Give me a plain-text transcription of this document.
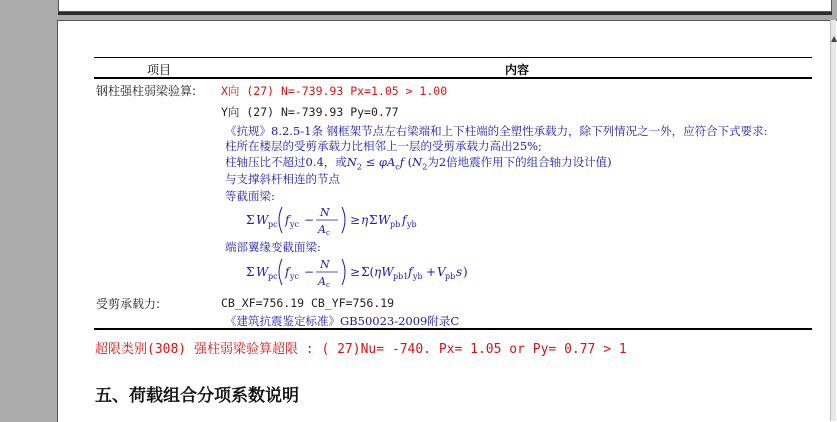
▲
项目	内容
钢柱强柱弱梁验算: X向 (27) N=-739.93 Px=1.05 > 1.00
Y向 (27) N=-739.93 Py=0.77
《抗规》8.2.5-1条 钢框架节点左右梁端和上下柱端的全塑性承载力，除下列情况之一外，应符合下式要求:
柱所在楼层的受剪承载力比相邻上一层的受剪承载力高出25%;
柱轴压比不超过0.4，或$N_2 \le \varphi A_cf$ ($N_2$为2倍地震作用下的组合轴力设计值)
与支撑斜杆相连的节点
等截面梁:
Σ W pc f yc −
N
A c
≥ η Σ W pb f yb
端部翼缘变截面梁:
Σ W pc f yc −
N
A c
≥ Σ( ηW pb1 f yb + V pb s )
受剪承载力:	CB_XF=756.19 CB_YF=756.19
《建筑抗震鉴定标准》GB50023-2009附录C
超限类别(308) 强柱弱梁验算超限 : ( 27)Nu= -740. Px= 1.05 or Py= 0.77 > 1
五、荷载组合分项系数说明
